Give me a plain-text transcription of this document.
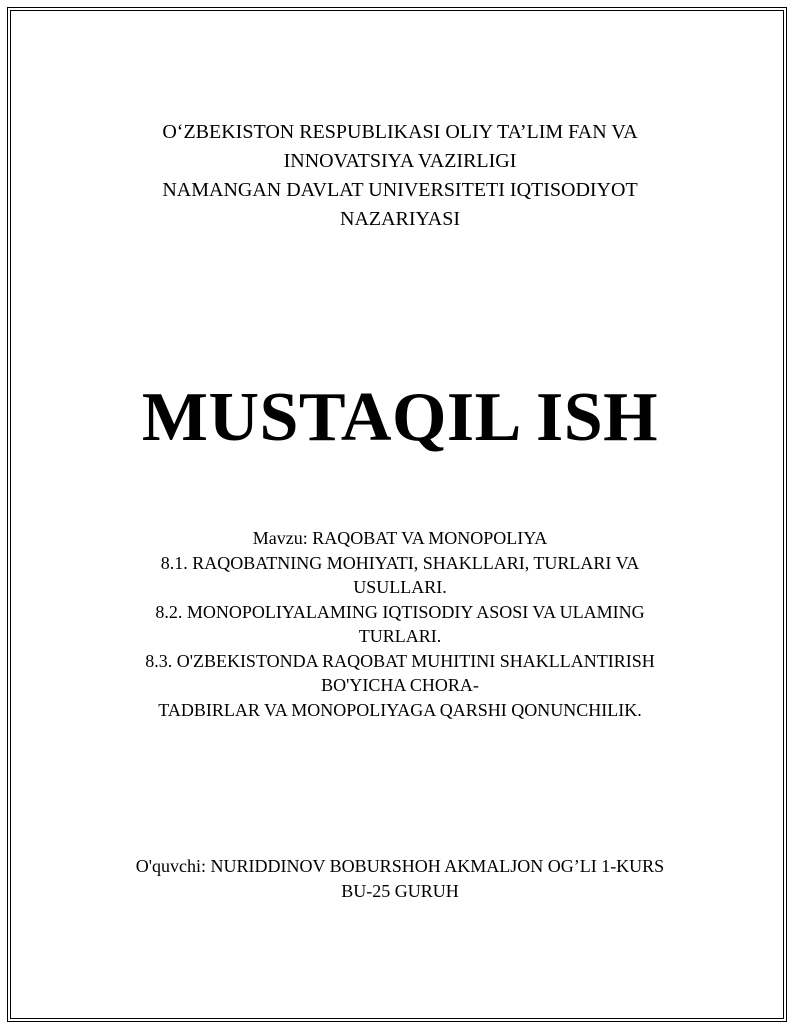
O‘ZBEKISTON RESPUBLIKASI OLIY TA’LIM FAN VA
INNOVATSIYA VAZIRLIGI
NAMANGAN DAVLAT UNIVERSITETI IQTISODIYOT
NAZARIYASI
MUSTAQIL ISH
Mavzu: RAQOBAT VA MONOPOLIYA
8.1. RAQOBATNING MOHIYATI, SHAKLLARI, TURLARI VA
USULLARI.
8.2. MONOPOLIYALAMING IQTISODIY ASOSI VA ULAMING
TURLARI.
8.3. O'ZBEKISTONDA RAQOBAT MUHITINI SHAKLLANTIRISH
BO'YICHA CHORA-
TADBIRLAR VA MONOPOLIYAGA QARSHI QONUNCHILIK.
O'quvchi: NURIDDINOV BOBURSHOH AKMALJON OG’LI 1-KURS
BU-25 GURUH
